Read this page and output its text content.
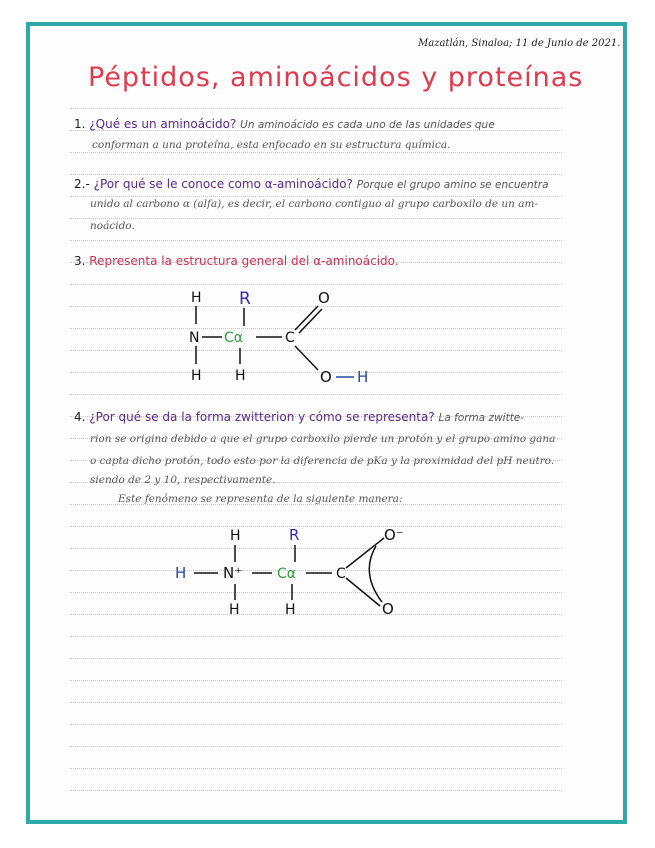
Mazatlán, Sinaloa; 11 de Junio de 2021.
Péptidos, aminoácidos y proteínas
1. ¿Qué es un aminoácido? Un aminoácido es cada uno de las unidades que
conforman a una proteína, esta enfocado en su estructura química.
2.- ¿Por qué se le conoce como α-aminoácido? Porque el grupo amino se encuentra
unido al carbono α (alfa), es decir, el carbono contiguo al grupo carboxilo de un am-
noácido.
3. Representa la estructura general del α-aminoácido.
H R	O
N Cα	C
H H	O H
H	R	O⁻
H N⁺ Cα	C
H	H	O
4. ¿Por qué se da la forma zwitterion y cómo se representa? La forma zwitte-
rion se origina debido a que el grupo carboxilo pierde un protón y el grupo amino gana
o capta dicho protón, todo esto por la diferencia de pKa y la proximidad del pH neutro.
siendo de 2 y 10, respectivamente.
Este fenómeno se representa de la siguiente manera:
